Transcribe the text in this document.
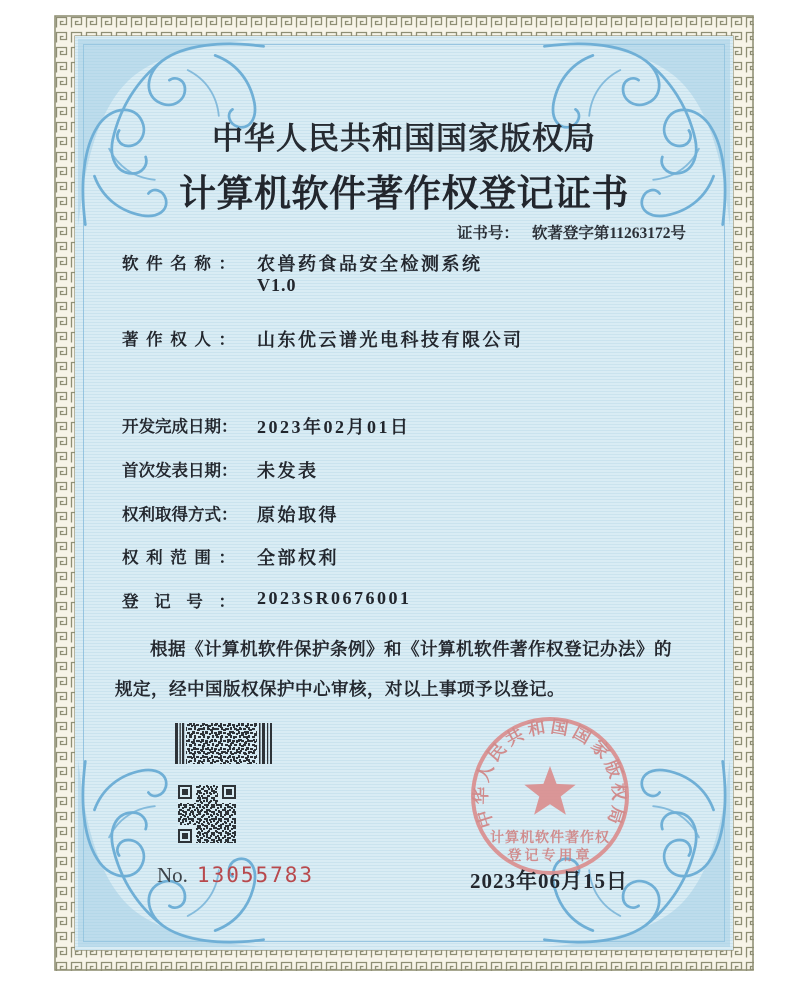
中华人民共和国国家版权局
计算机软件著作权登记证书
证书号： 软著登字第11263172号
软件名称： 农兽药食品安全检测系统
V1.0
著作权人： 山东优云谱光电科技有限公司
开发完成日期： 2023年02月01日
首次发表日期： 未发表
权利取得方式： 原始取得
权利范围： 全部权利
登记号： 2023SR0676001
根据《计算机软件保护条例》和《计算机软件著作权登记办法》的规定，经中国版权保护中心审核，对以上事项予以登记。
No. 13055783
中华人民共和国国家版权局
计算机软件著作权
登记专用章
2023年06月15日
